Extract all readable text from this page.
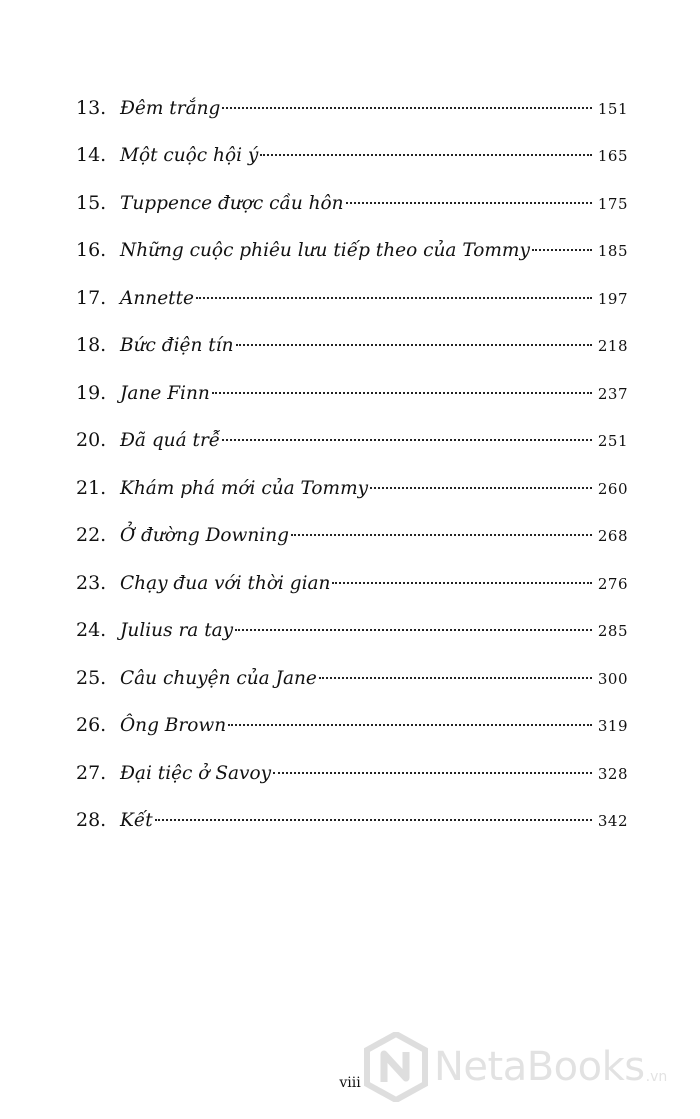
13. Đêm trắng	151
14. Một cuộc hội ý	165
15. Tuppence được cầu hôn	175
16. Những cuộc phiêu lưu tiếp theo của Tommy	185
17. Annette	197
18. Bức điện tín	218
19. Jane Finn	237
20. Đã quá trễ	251
21. Khám phá mới của Tommy	260
22. Ở đường Downing	268
23. Chạy đua với thời gian	276
24. Julius ra tay	285
25. Câu chuyện của Jane	300
26. Ông Brown	319
27. Đại tiệc ở Savoy	328
28. Kết	342
viii	NetaBooks .vn
